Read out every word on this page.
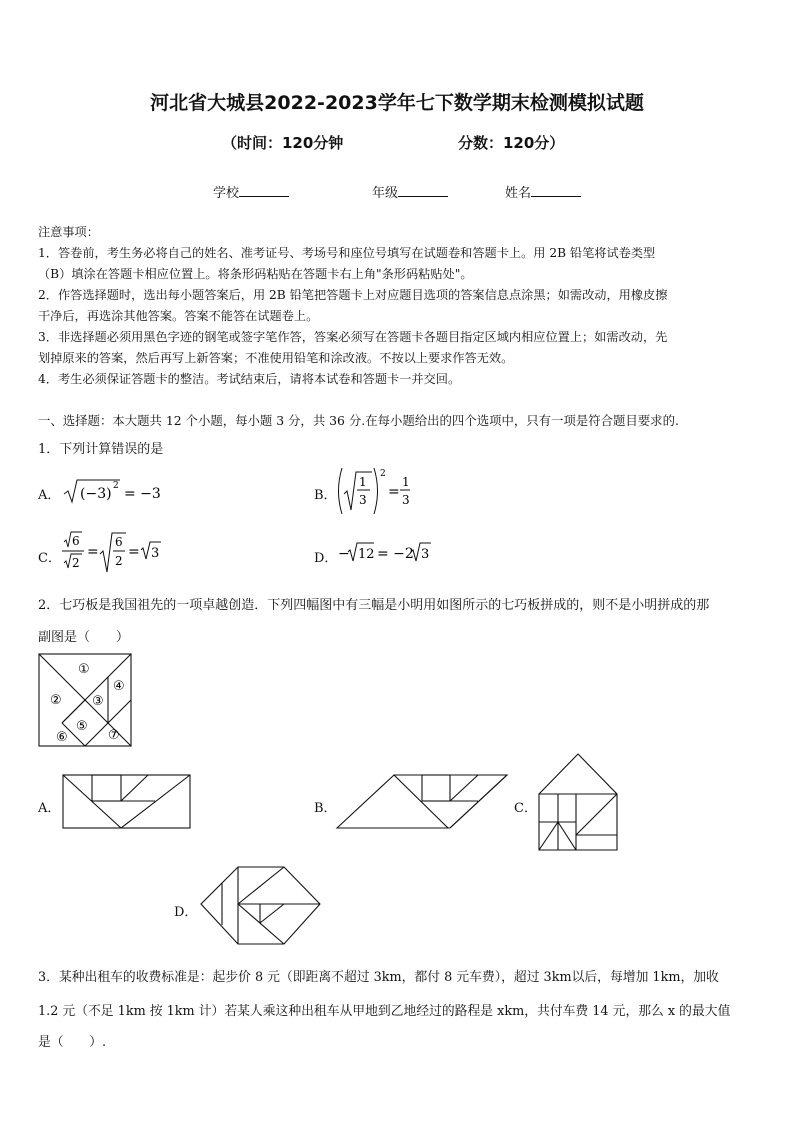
河北省大城县2022-2023学年七下数学期末检测模拟试题
（时间：120分钟	分数：120分）
学校	年级	姓名
注意事项：
1．答卷前，考生务必将自己的姓名、准考证号、考场号和座位号填写在试题卷和答题卡上。用 2B 铅笔将试卷类型
（B）填涂在答题卡相应位置上。将条形码粘贴在答题卡右上角"条形码粘贴处"。
2．作答选择题时，选出每小题答案后，用 2B 铅笔把答题卡上对应题目选项的答案信息点涂黑；如需改动，用橡皮擦
干净后，再选涂其他答案。答案不能答在试题卷上。
3．非选择题必须用黑色字迹的钢笔或签字笔作答，答案必须写在答题卡各题目指定区域内相应位置上；如需改动，先
划掉原来的答案，然后再写上新答案；不准使用铅笔和涂改液。不按以上要求作答无效。
4．考生必须保证答题卡的整洁。考试结束后，请将本试卷和答题卡一并交回。
一、选择题：本大题共 12 个小题，每小题 3 分，共 36 分.在每小题给出的四个选项中，只有一项是符合题目要求的.
1．下列计算错误的是
A． (−3) 2 = −3	B．
1
3
2
=
1
3
C．
6
2
=
6
2
= 3	D． − 12 = −2 3
2．七巧板是我国祖先的一项卓越创造．下列四幅图中有三幅是小明用如图所示的七巧板拼成的，则不是小明拼成的那
副图是（　　）
①
② ③
④
⑤
⑥	⑦
A．	B．	C．
D．
3．某种出租车的收费标准是：起步价 8 元（即距离不超过 3km，都付 8 元车费），超过 3km以后，每增加 1km，加收
1.2 元（不足 1km 按 1km 计）若某人乘这种出租车从甲地到乙地经过的路程是 xkm，共付车费 14 元，那么 x 的最大值
是（　　）.
